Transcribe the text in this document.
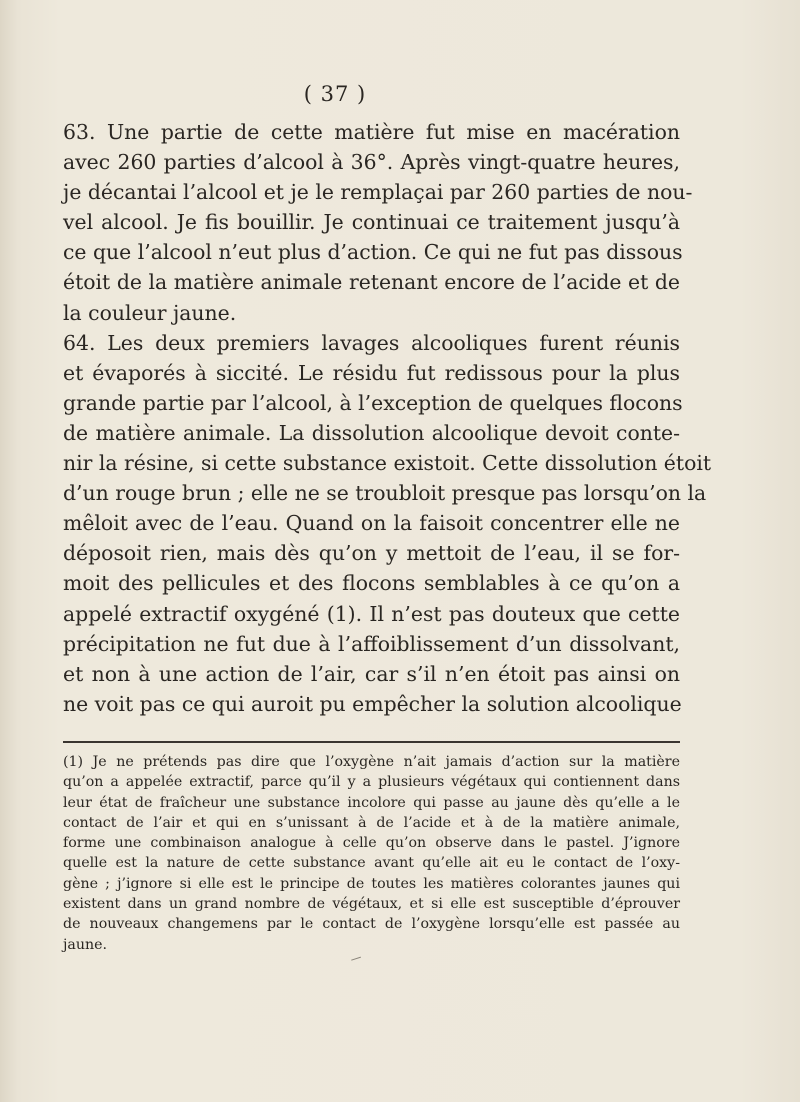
( 37 )
63. Une partie de cette matière fut mise en macération
avec 260 parties d’alcool à 36°. Après vingt-quatre heures,
je décantai l’alcool et je le remplaçai par 260 parties de nou-
vel alcool. Je fis bouillir. Je continuai ce traitement jusqu’à
ce que l’alcool n’eut plus d’action. Ce qui ne fut pas dissous
étoit de la matière animale retenant encore de l’acide et de
la couleur jaune.
64. Les deux premiers lavages alcooliques furent réunis
et évaporés à siccité. Le résidu fut redissous pour la plus
grande partie par l’alcool, à l’exception de quelques flocons
de matière animale. La dissolution alcoolique devoit conte-
nir la résine, si cette substance existoit. Cette dissolution étoit
d’un rouge brun ; elle ne se troubloit presque pas lorsqu’on la
mêloit avec de l’eau. Quand on la faisoit concentrer elle ne
déposoit rien, mais dès qu’on y mettoit de l’eau, il se for-
moit des pellicules et des flocons semblables à ce qu’on a
appelé extractif oxygéné (1). Il n’est pas douteux que cette
précipitation ne fut due à l’affoiblissement d’un dissolvant,
et non à une action de l’air, car s’il n’en étoit pas ainsi on
ne voit pas ce qui auroit pu empêcher la solution alcoolique
(1) Je ne prétends pas dire que l’oxygène n’ait jamais d’action sur la matière
qu’on a appelée extractif, parce qu’il y a plusieurs végétaux qui contiennent dans
leur état de fraîcheur une substance incolore qui passe au jaune dès qu’elle a le
contact de l’air et qui en s’unissant à de l’acide et à de la matière animale,
forme une combinaison analogue à celle qu’on observe dans le pastel. J’ignore
quelle est la nature de cette substance avant qu’elle ait eu le contact de l’oxy-
gène ; j’ignore si elle est le principe de toutes les matières colorantes jaunes qui
existent dans un grand nombre de végétaux, et si elle est susceptible d’éprouver
de nouveaux changemens par le contact de l’oxygène lorsqu’elle est passée au
jaune.
